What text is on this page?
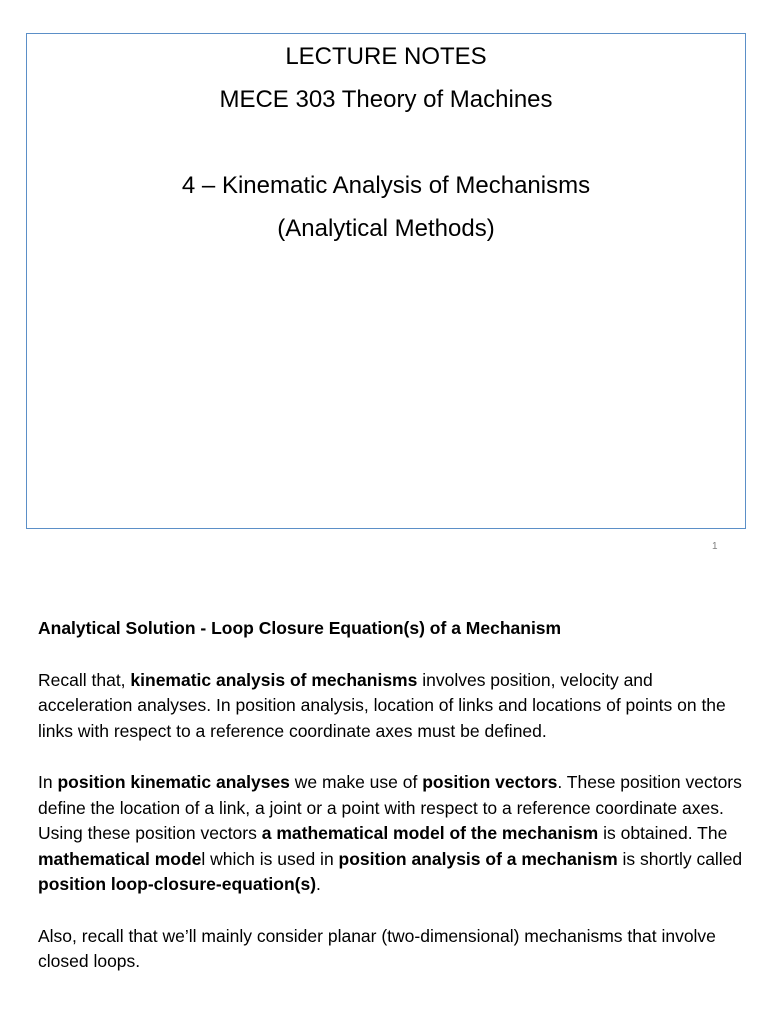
LECTURE NOTES
MECE 303 Theory of Machines
4 – Kinematic Analysis of Mechanisms
(Analytical Methods)
1

Analytical Solution - Loop Closure Equation(s) of a Mechanism

Recall that, kinematic analysis of mechanisms involves position, velocity and acceleration analyses. In position analysis, location of links and locations of points on the links with respect to a reference coordinate axes must be defined.

In position kinematic analyses we make use of position vectors. These position vectors define the location of a link, a joint or a point with respect to a reference coordinate axes. Using these position vectors a mathematical model of the mechanism is obtained. The mathematical model which is used in position analysis of a mechanism is shortly called position loop-closure-equation(s).

Also, recall that we’ll mainly consider planar (two-dimensional) mechanisms that involve closed loops.
